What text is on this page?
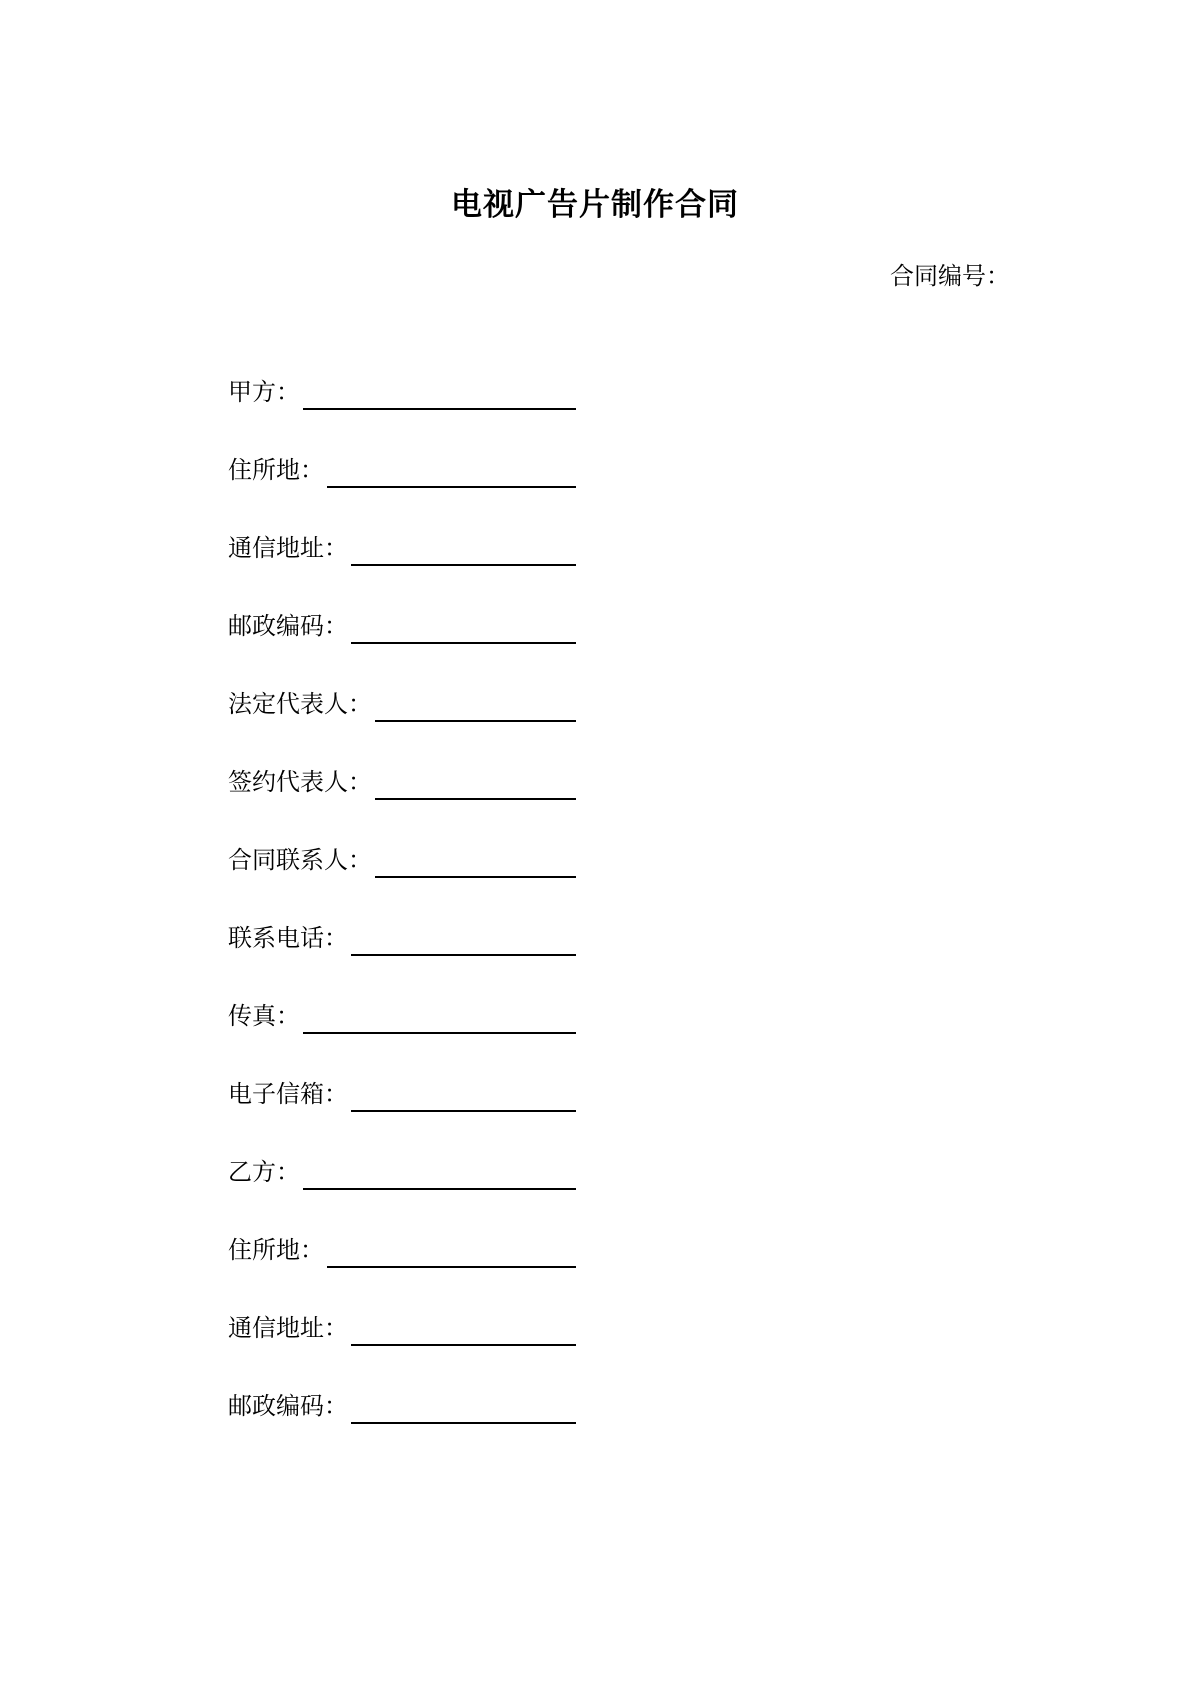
电视广告片制作合同
合同编号：
甲方：
住所地：
通信地址：
邮政编码：
法定代表人：
签约代表人：
合同联系人：
联系电话：
传真：
电子信箱：
乙方：
住所地：
通信地址：
邮政编码：
